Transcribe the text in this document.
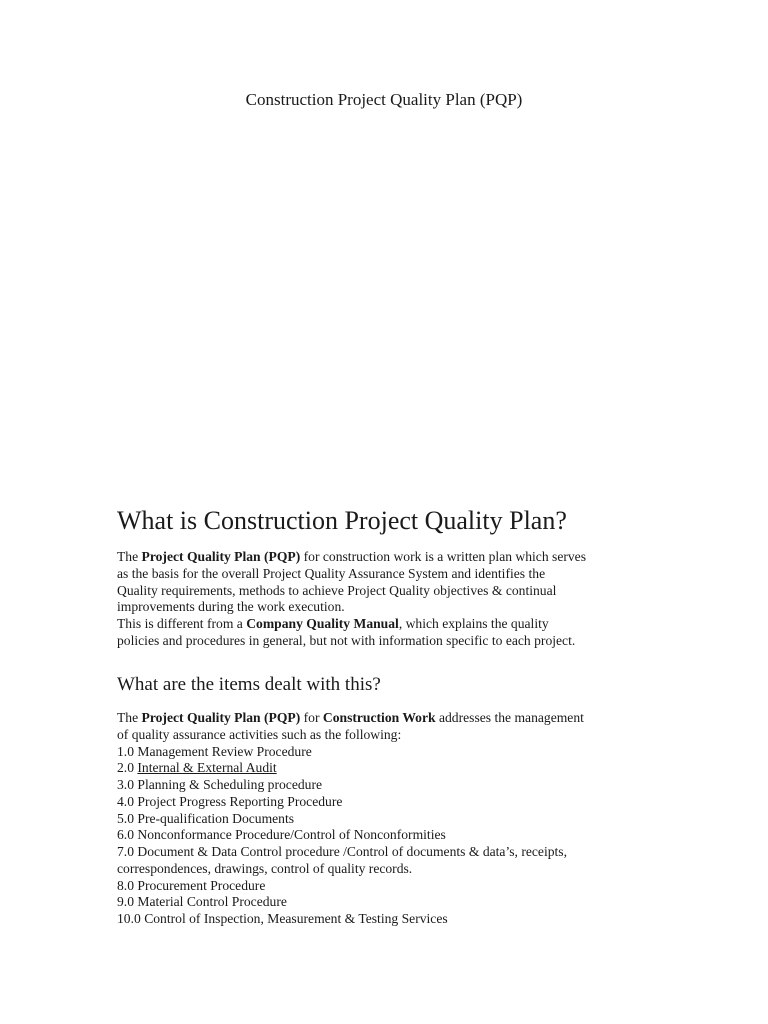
Construction Project Quality Plan (PQP)
What is Construction Project Quality Plan?
The Project Quality Plan (PQP) for construction work is a written plan which serves
as the basis for the overall Project Quality Assurance System and identifies the
Quality requirements, methods to achieve Project Quality objectives & continual
improvements during the work execution.
This is different from a Company Quality Manual, which explains the quality
policies and procedures in general, but not with information specific to each project.
What are the items dealt with this?
The Project Quality Plan (PQP) for Construction Work addresses the management
of quality assurance activities such as the following:
1.0 Management Review Procedure
2.0 Internal & External Audit
3.0 Planning & Scheduling procedure
4.0 Project Progress Reporting Procedure
5.0 Pre-qualification Documents
6.0 Nonconformance Procedure/Control of Nonconformities
7.0 Document & Data Control procedure /Control of documents & data’s, receipts,
correspondences, drawings, control of quality records.
8.0 Procurement Procedure
9.0 Material Control Procedure
10.0 Control of Inspection, Measurement & Testing Services
